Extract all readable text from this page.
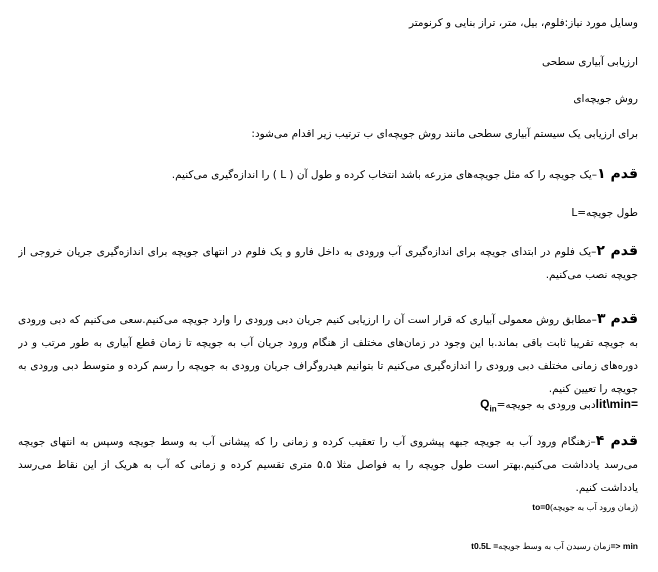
وسایل مورد نیاز:فلوم، بیل، متر، تراز بنایی و کرنومتر
ارزیابی آبیاری سطحی
روش جویچه‌ای
برای ارزیابی یک سیستم آبیاری سطحی مانند روش جویچه‌ای ب ترتیب زیر اقدام می‌شود:
قدم ۱–یک جویچه را که مثل جویچه‌های مزرعه باشد انتخاب کرده و طول آن ( L ) را اندازه‌گیری می‌کنیم.
طول جویچه=L
قدم ۲–یک فلوم در ابتدای جویچه برای اندازه‌گیری آب ورودی به داخل فارو و یک فلوم در انتهای جویچه برای اندازه‌گیری جریان خروجی از جویچه نصب می‌کنیم.
قدم ۳–مطابق روش معمولی آبیاری که قرار است آن را ارزیابی کنیم جریان دبی ورودی را وارد جویچه می‌کنیم.سعی می‌کنیم که دبی ورودی به جویچه تقریبا ثابت باقی بماند.با این وجود در زمان‌های مختلف از هنگام ورود جریان آب به جویچه تا زمان قطع آبیاری به طور مرتب و در دوره‌های زمانی مختلف دبی ورودی را اندازه‌گیری می‌کنیم تا بتوانیم هیدروگراف جریان ورودی به جویچه را رسم کرده و متوسط دبی ورودی به جویچه را تعیین کنیم.
lit\min=دبی ورودی به $جویچه=Q_{in}$
قدم ۴–زهنگام ورود آب به جویچه جبهه پیشروی آب را تعقیب کرده و زمانی را که پیشانی آب به وسط جویچه وسپس به انتهای جویچه می‌رسد یادداشت می‌کنیم.بهتر است طول جویچه را به فواصل مثلا ۵.۵ متری تقسیم کرده و زمانی که آب به هریک از این نقاط می‌رسد یادداشت کنیم.
(زمان ورود آب به جویچه)to=0
=> minزمان رسیدن آب به وسط جویچهt0.5L =
